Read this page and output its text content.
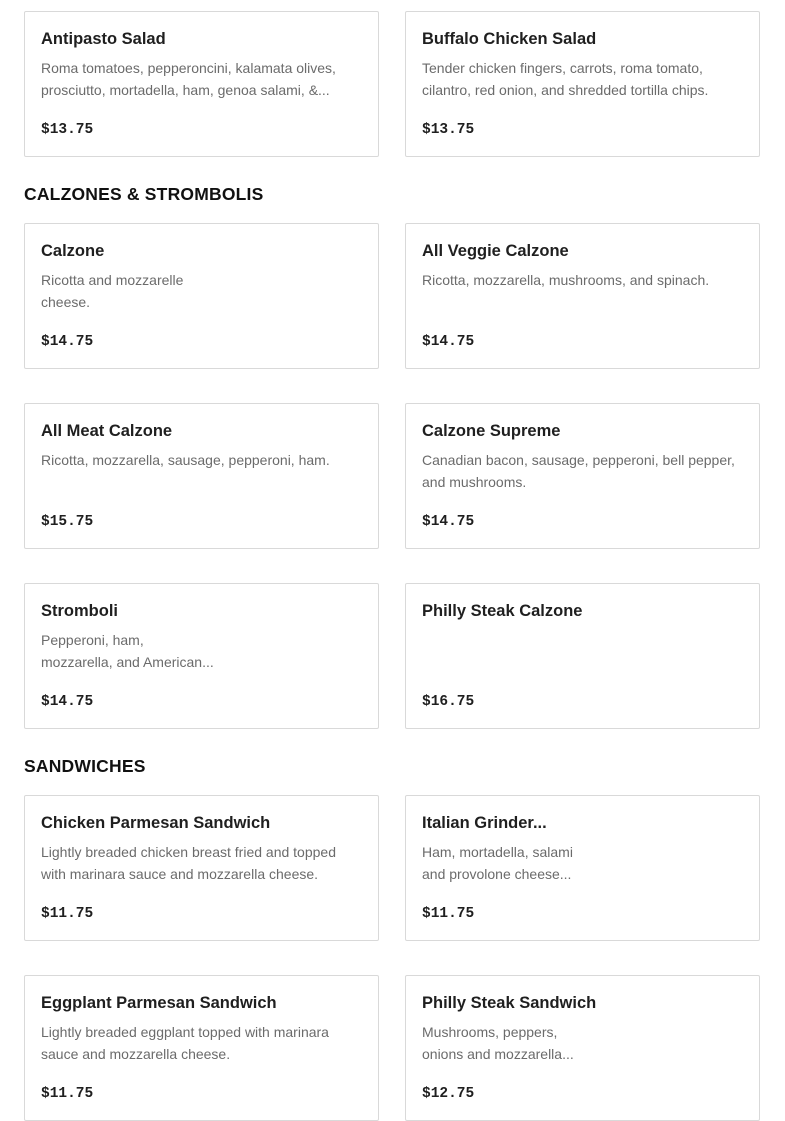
Antipasto Salad
Roma tomatoes, pepperoncini, kalamata olives,
prosciutto, mortadella, ham, genoa salami, &...
$13.75
Buffalo Chicken Salad
Tender chicken fingers, carrots, roma tomato,
cilantro, red onion, and shredded tortilla chips.
$13.75
CALZONES & STROMBOLIS
Calzone
Ricotta and mozzarelle
cheese.
$14.75
All Veggie Calzone
Ricotta, mozzarella, mushrooms, and spinach.
$14.75
All Meat Calzone
Ricotta, mozzarella, sausage, pepperoni, ham.
$15.75
Calzone Supreme
Canadian bacon, sausage, pepperoni, bell pepper,
and mushrooms.
$14.75
Stromboli
Pepperoni, ham,
mozzarella, and American...
$14.75
Philly Steak Calzone
$16.75
SANDWICHES
Chicken Parmesan Sandwich
Lightly breaded chicken breast fried and topped
with marinara sauce and mozzarella cheese.
$11.75
Italian Grinder...
Ham, mortadella, salami
and provolone cheese...
$11.75
Eggplant Parmesan Sandwich
Lightly breaded eggplant topped with marinara
sauce and mozzarella cheese.
$11.75
Philly Steak Sandwich
Mushrooms, peppers,
onions and mozzarella...
$12.75
